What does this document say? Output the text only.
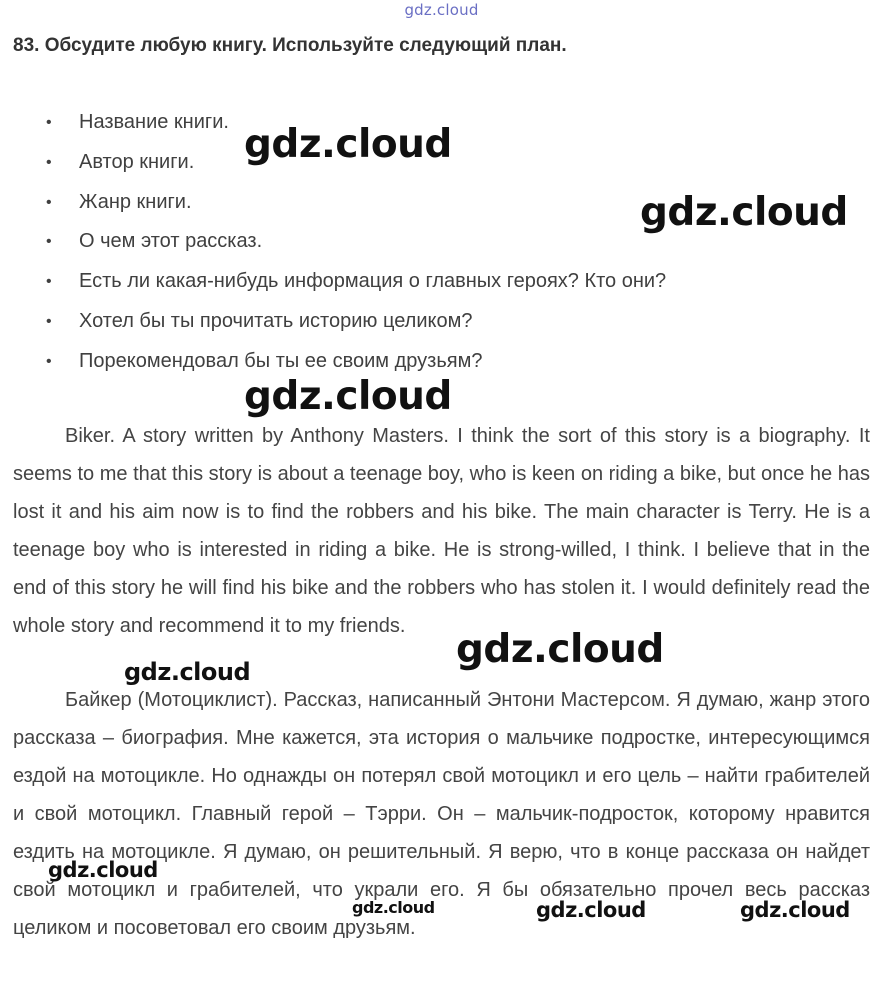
gdz.cloud
83. Обсудите любую книгу. Используйте следующий план.
• Название книги.
• Автор книги.
• Жанр книги.
• О чем этот рассказ.
• Есть ли какая-нибудь информация о главных героях? Кто они?
• Хотел бы ты прочитать историю целиком?
• Порекомендовал бы ты ее своим друзьям?

Biker. A story written by Anthony Masters. I think the sort of this story is a biography. It seems to me that this story is about a teenage boy, who is keen on riding a bike, but once he has lost it and his aim now is to find the robbers and his bike. The main character is Terry. He is a teenage boy who is interested in riding a bike. He is strong-willed, I think. I believe that in the end of this story he will find his bike and the robbers who has stolen it. I would definitely read the whole story and recommend it to my friends.

Байкер (Мотоциклист). Рассказ, написанный Энтони Мастерсом. Я думаю, жанр этого рассказа – биография. Мне кажется, эта история о мальчике подростке, интересующимся ездой на мотоцикле. Но однажды он потерял свой мотоцикл и его цель – найти грабителей и свой мотоцикл. Главный герой – Тэрри. Он – мальчик-подросток, которому нравится ездить на мотоцикле. Я думаю, он решительный. Я верю, что в конце рассказа он найдет свой мотоцикл и грабителей, что украли его. Я бы обязательно прочел весь рассказ целиком и посоветовал его своим друзьям.

gdz.cloud
gdz.cloud
gdz.cloud
gdz.cloud
gdz.cloud
gdz.cloud
gdz.cloud	gdz.cloud	gdz.cloud
